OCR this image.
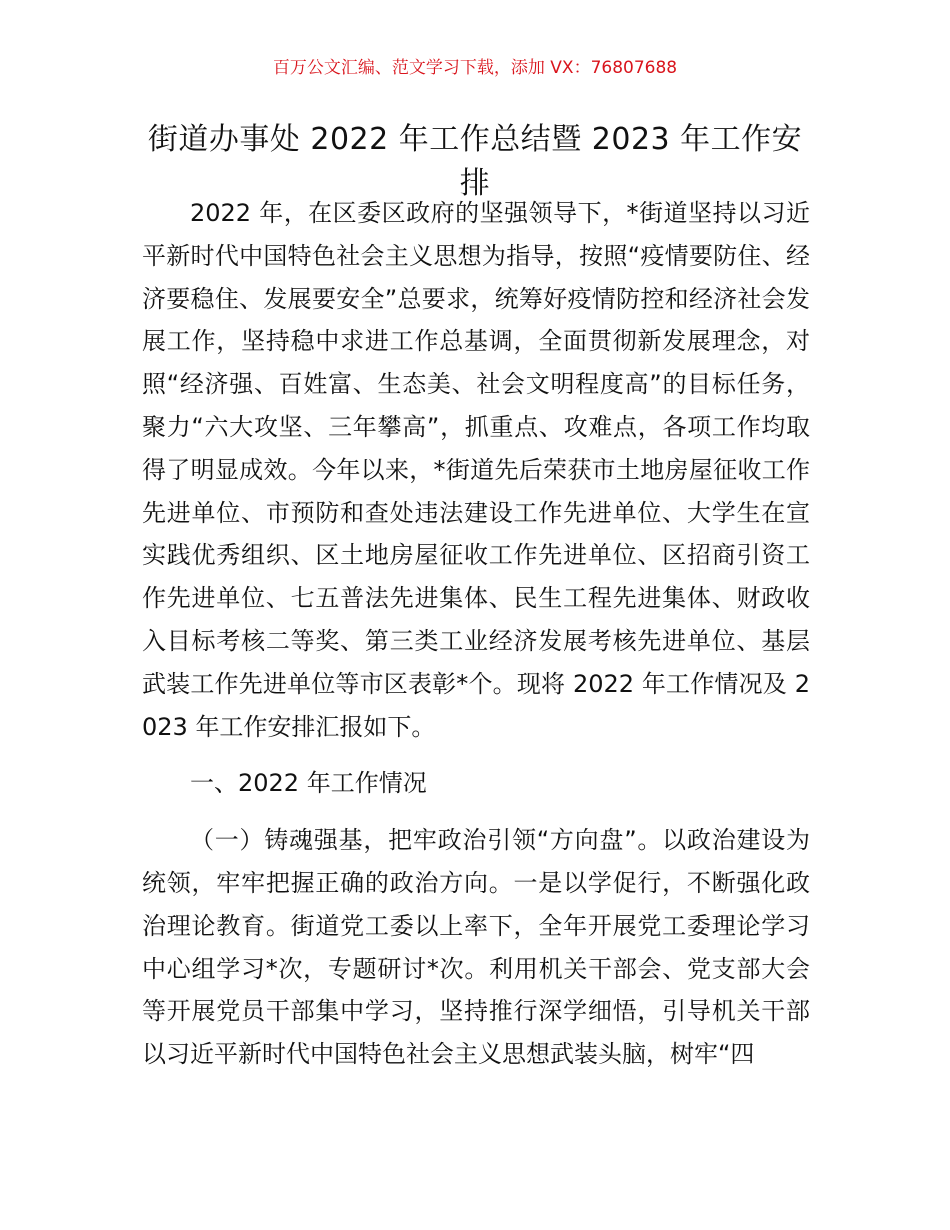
百万公文汇编、范文学习下载，添加 VX：76807688
街道办事处 2022 年工作总结暨 2023 年工作安排

2022 年，在区委区政府的坚强领导下，*街道坚持以习近平新时代中国特色社会主义思想为指导，按照“疫情要防住、经济要稳住、发展要安全”总要求，统筹好疫情防控和经济社会发展工作，坚持稳中求进工作总基调，全面贯彻新发展理念，对照“经济强、百姓富、生态美、社会文明程度高”的目标任务，聚力“六大攻坚、三年攀高”，抓重点、攻难点，各项工作均取得了明显成效。今年以来，*街道先后荣获市土地房屋征收工作先进单位、市预防和查处违法建设工作先进单位、大学生在宣实践优秀组织、区土地房屋征收工作先进单位、区招商引资工作先进单位、七五普法先进集体、民生工程先进集体、财政收入目标考核二等奖、第三类工业经济发展考核先进单位、基层武装工作先进单位等市区表彰*个。现将 2022 年工作情况及 2023 年工作安排汇报如下。

一、2022 年工作情况

（一）铸魂强基，把牢政治引领“方向盘”。以政治建设为统领，牢牢把握正确的政治方向。一是以学促行，不断强化政治理论教育。街道党工委以上率下，全年开展党工委理论学习中心组学习*次，专题研讨*次。利用机关干部会、党支部大会等开展党员干部集中学习，坚持推行深学细悟，引导机关干部以习近平新时代中国特色社会主义思想武装头脑，树牢“四
